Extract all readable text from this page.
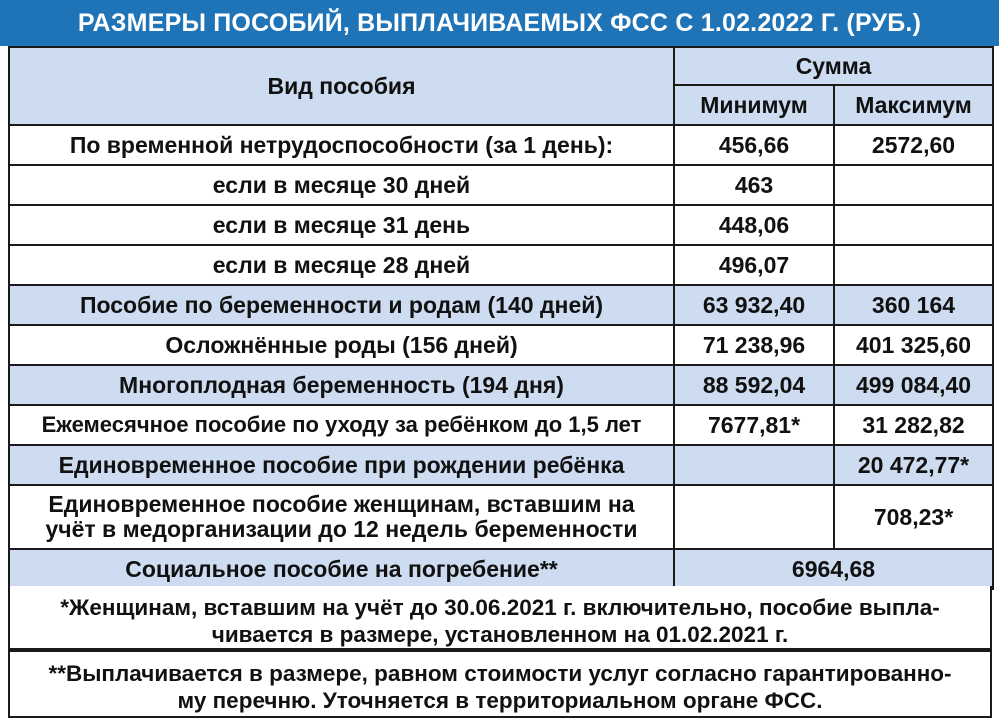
РАЗМЕРЫ ПОСОБИЙ, ВЫПЛАЧИВАЕМЫХ ФСС С 1.02.2022 Г. (РУБ.)
Вид пособия	Сумма	
	Минимум	Максимум
По временной нетрудоспособности (за 1 день):	456,66	2572,60
если в месяце 30 дней	463	
если в месяце 31 день	448,06	
если в месяце 28 дней	496,07	
Пособие по беременности и родам (140 дней)	63 932,40	360 164
Осложнённые роды (156 дней)	71 238,96	401 325,60
Многоплодная беременность (194 дня)	88 592,04	499 084,40
Ежемесячное пособие по уходу за ребёнком до 1,5 лет	7677,81*	31 282,82
Единовременное пособие при рождении ребёнка		20 472,77*

Единовременное пособие женщинам, вставшим на
учёт в медорганизации до 12 недель беременности		708,23*
Социальное пособие на погребение**	6964,68	
*Женщинам, вставшим на учёт до 30.06.2021 г. включительно, пособие выпла-
чивается в размере, установленном на 01.02.2021 г.
**Выплачивается в размере, равном стоимости услуг согласно гарантированно-
му перечню. Уточняется в территориальном органе ФСС.
